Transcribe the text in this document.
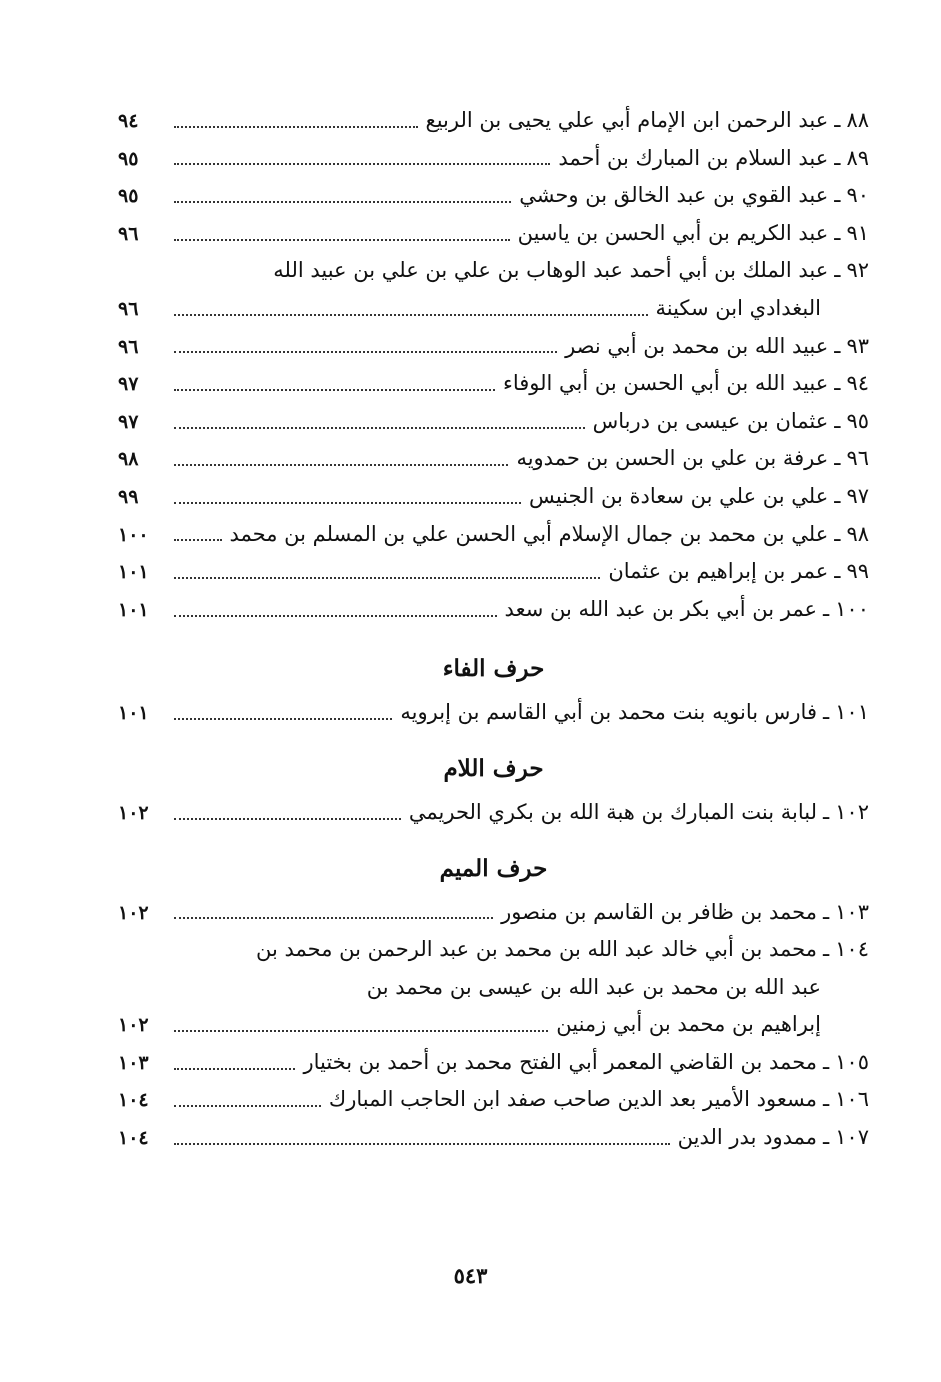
٨٨
ـ
عبد الرحمن ابن الإمام أبي علي يحيى بن الربيع
٩٤
٨٩
ـ
عبد السلام بن المبارك بن أحمد
٩٥
٩٠
ـ
عبد القوي بن عبد الخالق بن وحشي
٩٥
٩١
ـ
عبد الكريم بن أبي الحسن بن ياسين
٩٦
٩٢
ـ
عبد الملك بن أبي أحمد عبد الوهاب بن علي بن علي بن عبيد الله
البغدادي ابن سكينة
٩٦
٩٣
ـ
عبيد الله بن محمد بن أبي نصر
٩٦
٩٤
ـ
عبيد الله بن أبي الحسن بن أبي الوفاء
٩٧
٩٥
ـ
عثمان بن عيسى بن درباس
٩٧
٩٦
ـ
عرفة بن علي بن الحسن بن حمدويه
٩٨
٩٧
ـ
علي بن علي بن سعادة بن الجنيس
٩٩
٩٨
ـ
علي بن محمد بن جمال الإسلام أبي الحسن علي بن المسلم بن محمد
١٠٠
٩٩
ـ
عمر بن إبراهيم بن عثمان
١٠١
١٠٠
ـ
عمر بن أبي بكر بن عبد الله بن سعد
١٠١
حرف الفاء
١٠١
ـ
فارس بانويه بنت محمد بن أبي القاسم بن إبرويه
١٠١
حرف اللام
١٠٢
ـ
لبابة بنت المبارك بن هبة الله بن بكري الحريمي
١٠٢
حرف الميم
١٠٣
ـ
محمد بن ظافر بن القاسم بن منصور
١٠٢
١٠٤
ـ
محمد بن أبي خالد عبد الله بن محمد بن عبد الرحمن بن محمد بن
عبد الله بن محمد بن عبد الله بن عيسى بن محمد بن
إبراهيم بن محمد بن أبي زمنين
١٠٢
١٠٥
ـ
محمد بن القاضي المعمر أبي الفتح محمد بن أحمد بن بختيار
١٠٣
١٠٦
ـ
مسعود الأمير بعد الدين صاحب صفد ابن الحاجب المبارك
١٠٤
١٠٧
ـ
ممدود بدر الدين
١٠٤
٥٤٣
